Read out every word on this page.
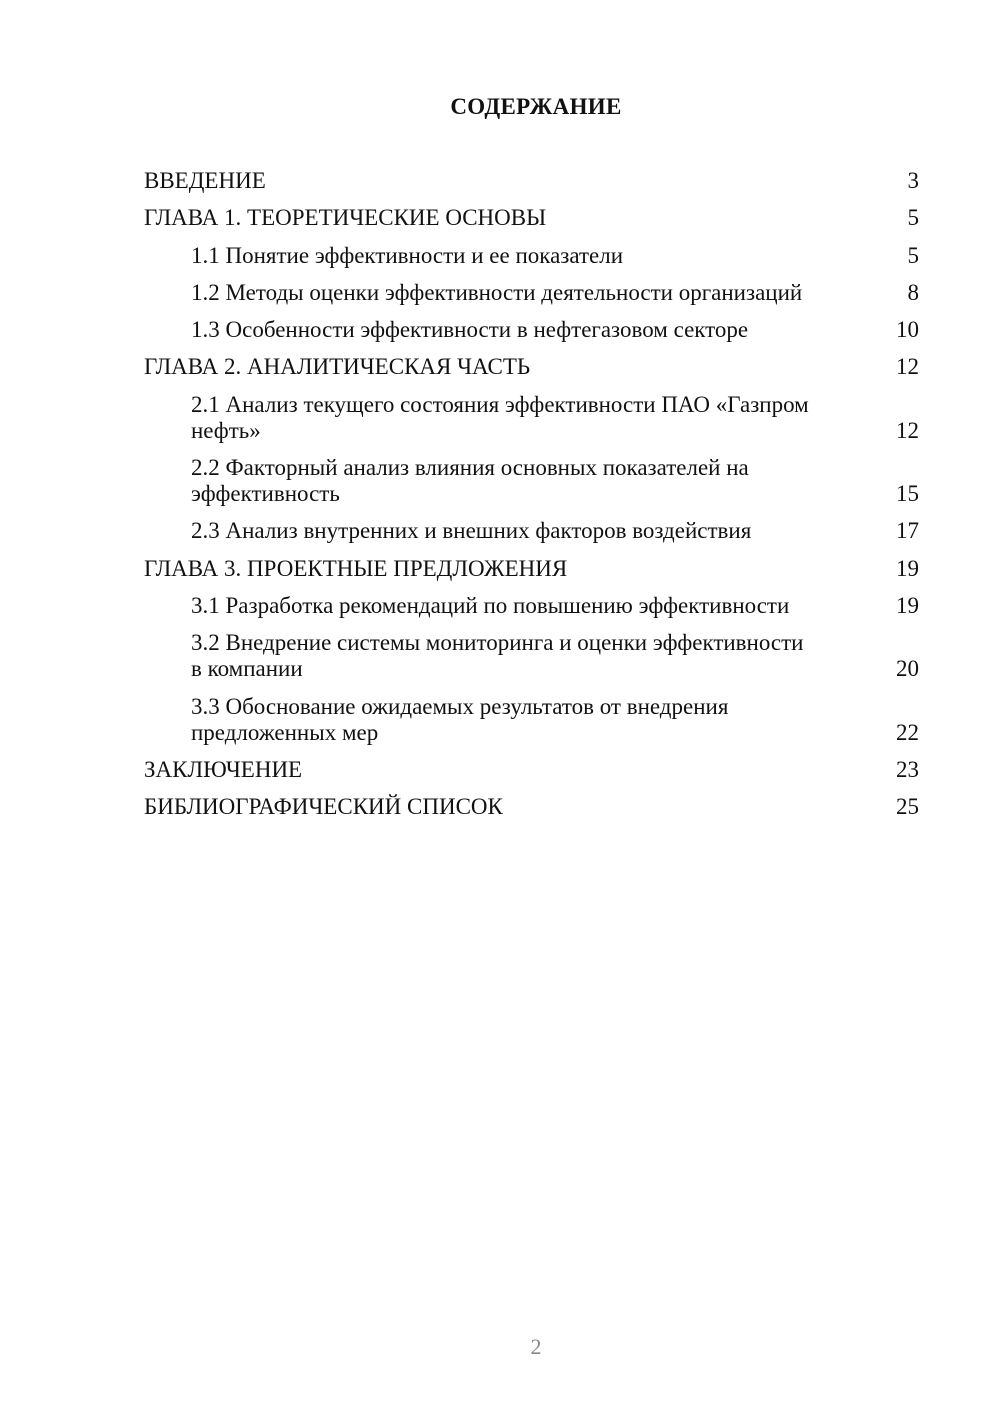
СОДЕРЖАНИЕ
ВВЕДЕНИЕ	3
ГЛАВА 1. ТЕОРЕТИЧЕСКИЕ ОСНОВЫ	5
1.1 Понятие эффективности и ее показатели	5
1.2 Методы оценки эффективности деятельности организаций	8
1.3 Особенности эффективности в нефтегазовом секторе	10
ГЛАВА 2. АНАЛИТИЧЕСКАЯ ЧАСТЬ	12
2.1 Анализ текущего состояния эффективности ПАО «Газпром нефть»	12
2.2 Факторный анализ влияния основных показателей на эффективность	15
2.3 Анализ внутренних и внешних факторов воздействия	17
ГЛАВА 3. ПРОЕКТНЫЕ ПРЕДЛОЖЕНИЯ	19
3.1 Разработка рекомендаций по повышению эффективности	19
3.2 Внедрение системы мониторинга и оценки эффективности в компании	20
3.3 Обоснование ожидаемых результатов от внедрения предложенных мер	22
ЗАКЛЮЧЕНИЕ	23
БИБЛИОГРАФИЧЕСКИЙ СПИСОК	25
2
